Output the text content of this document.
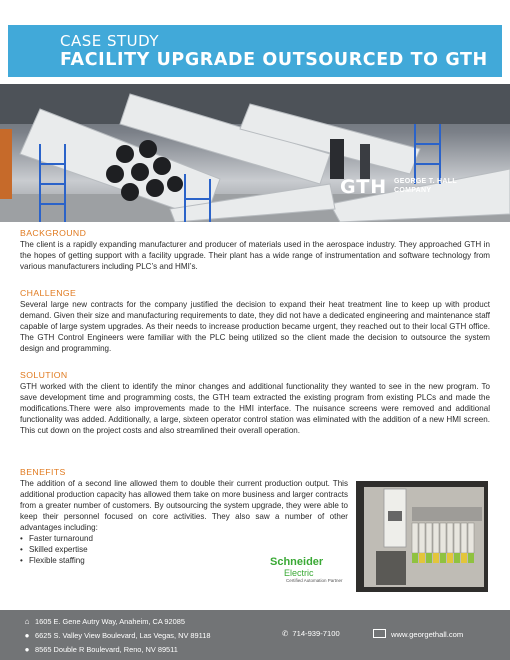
CASE STUDY
FACILITY UPGRADE OUTSOURCED TO GTH
GTH GEORGE T. HALL
COMPANY
BACKGROUND

The client is a rapidly expanding manufacturer and producer of materials used in the aerospace industry. They approached GTH in the hopes of getting support with a facility upgrade. Their plant has a wide range of instrumentation and software technology from various manufacturers including PLC’s and HMI’s.

CHALLENGE

Several large new contracts for the company justified the decision to expand their heat treatment line to keep up with product demand. Given their size and manufacturing requirements to date, they did not have a dedicated engineering and maintenance staff capable of large system upgrades. As their needs to increase production became urgent, they reached out to their local GTH office. The GTH Control Engineers were familiar with the PLC being utilized so the client made the decision to outsource the system design and programming.

SOLUTION

GTH worked with the client to identify the minor changes and additional functionality they wanted to see in the new program. To save development time and programming costs, the GTH team extracted the existing program from existing PLCs and made the modifications.There were also improvements made to the HMI interface. The nuisance screens were removed and additional functionality was added. Additionally, a large, sixteen operator control station was eliminated with the addition of a new HMI screen. This cut down on the project costs and also streamlined their overall operation.

BENEFITS

The addition of a second line allowed them to double their current production output. This additional production capacity has allowed them take on more business and larger contracts from a greater number of customers. By outsourcing the system upgrade, they were able to keep their personnel focused on core activities. They also saw a number of other advantages including:

• Faster turnaround
• Skilled expertise
• Flexible staffing	Schneider
Electric
Certified Automation Partner
⌂ 1605 E. Gene Autry Way, Anaheim, CA 92085
● 6625 S. Valley View Boulevard, Las Vegas, NV 89118
● 8565 Double R Boulevard, Reno, NV 89511
✆ 714-939-7100	www.georgethall.com
